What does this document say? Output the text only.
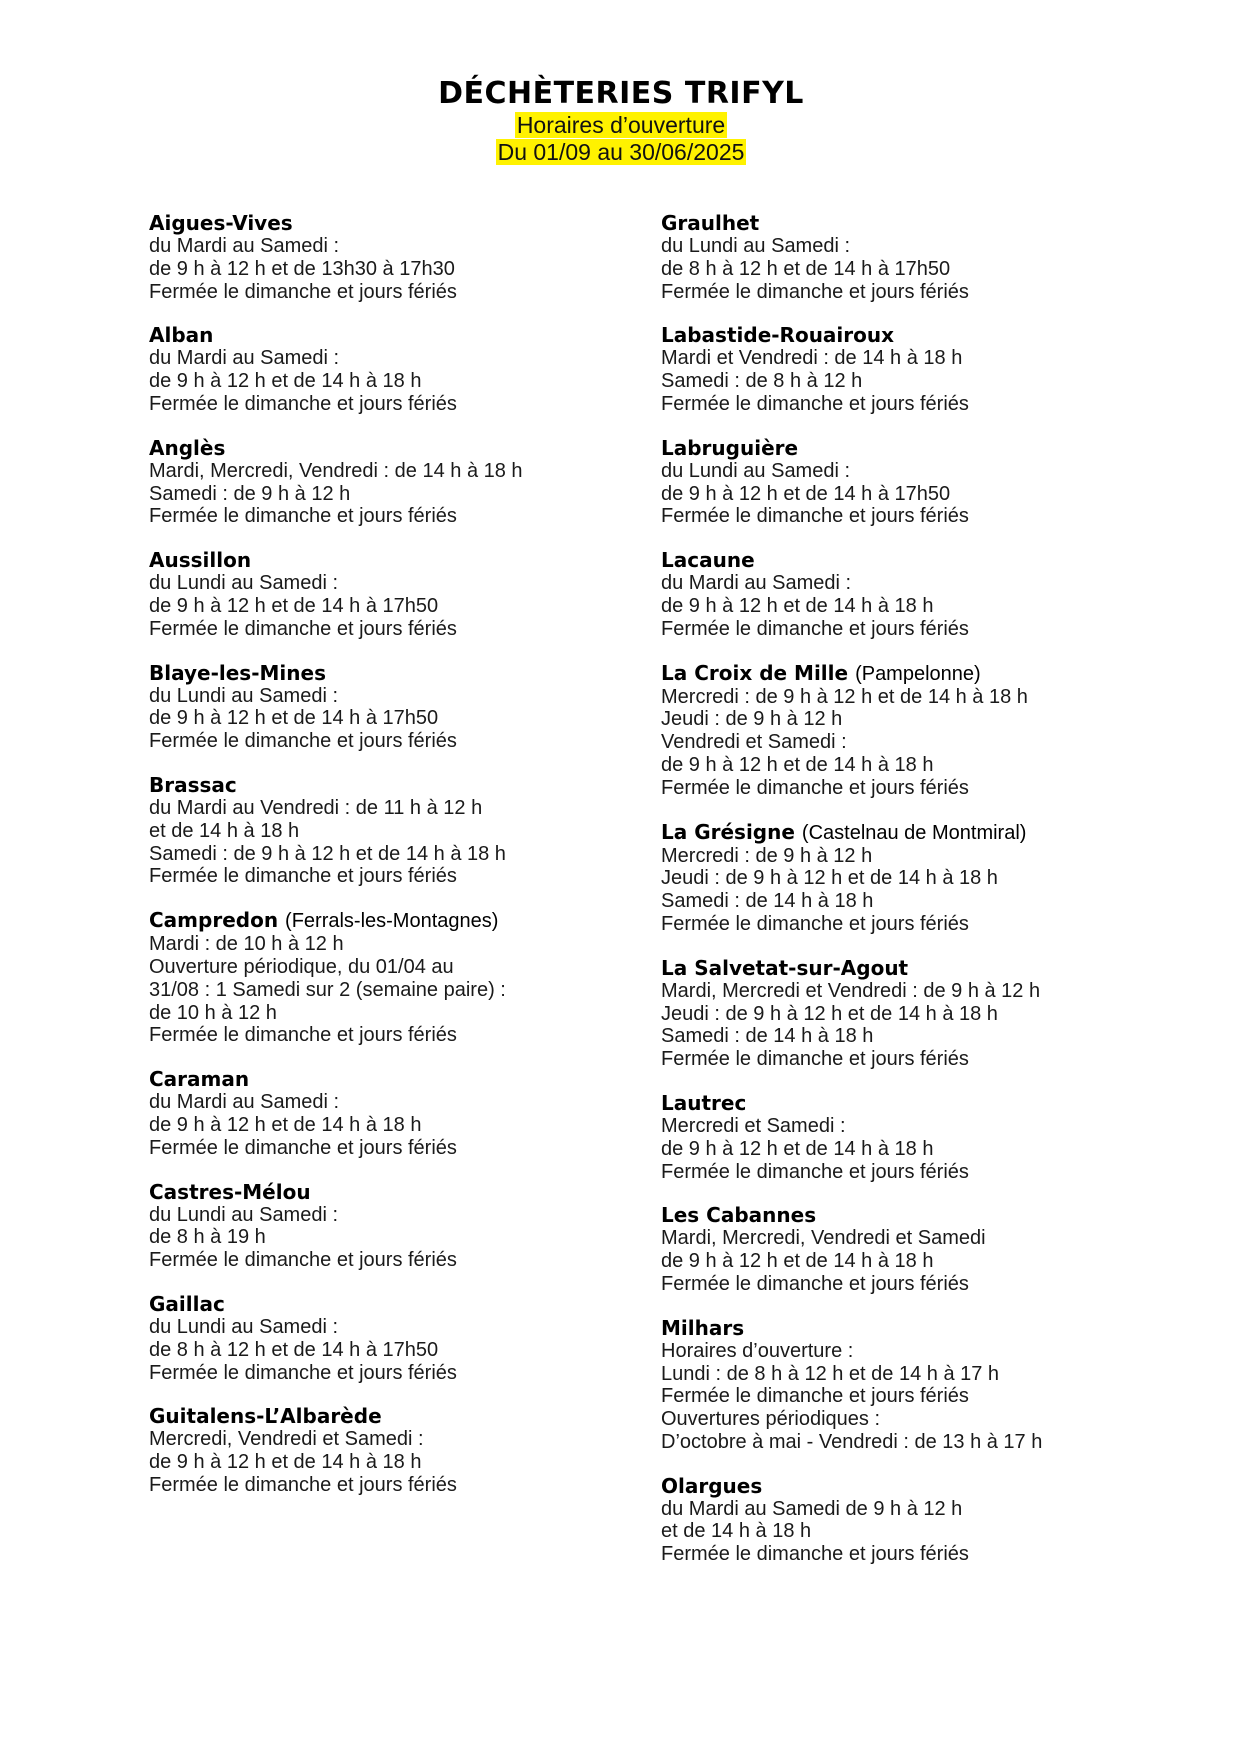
DÉCHÈTERIES TRIFYL
Horaires d’ouverture
Du 01/09 au 30/06/2025
Aigues-Vives
du Mardi au Samedi :
de 9 h à 12 h et de 13h30 à 17h30
Fermée le dimanche et jours fériés
Alban
du Mardi au Samedi :
de 9 h à 12 h et de 14 h à 18 h
Fermée le dimanche et jours fériés
Anglès
Mardi, Mercredi, Vendredi : de 14 h à 18 h
Samedi : de 9 h à 12 h
Fermée le dimanche et jours fériés
Aussillon
du Lundi au Samedi :
de 9 h à 12 h et de 14 h à 17h50
Fermée le dimanche et jours fériés
Blaye-les-Mines
du Lundi au Samedi :
de 9 h à 12 h et de 14 h à 17h50
Fermée le dimanche et jours fériés
Brassac
du Mardi au Vendredi : de 11 h à 12 h
et de 14 h à 18 h
Samedi : de 9 h à 12 h et de 14 h à 18 h
Fermée le dimanche et jours fériés
Campredon (Ferrals-les-Montagnes)
Mardi : de 10 h à 12 h
Ouverture périodique, du 01/04 au
31/08 : 1 Samedi sur 2 (semaine paire) :
de 10 h à 12 h
Fermée le dimanche et jours fériés
Caraman
du Mardi au Samedi :
de 9 h à 12 h et de 14 h à 18 h
Fermée le dimanche et jours fériés
Castres-Mélou
du Lundi au Samedi :
de 8 h à 19 h
Fermée le dimanche et jours fériés
Gaillac
du Lundi au Samedi :
de 8 h à 12 h et de 14 h à 17h50
Fermée le dimanche et jours fériés
Guitalens-L’Albarède
Mercredi, Vendredi et Samedi :
de 9 h à 12 h et de 14 h à 18 h
Fermée le dimanche et jours fériés
Graulhet
du Lundi au Samedi :
de 8 h à 12 h et de 14 h à 17h50
Fermée le dimanche et jours fériés
Labastide-Rouairoux
Mardi et Vendredi : de 14 h à 18 h
Samedi : de 8 h à 12 h
Fermée le dimanche et jours fériés
Labruguière
du Lundi au Samedi :
de 9 h à 12 h et de 14 h à 17h50
Fermée le dimanche et jours fériés
Lacaune
du Mardi au Samedi :
de 9 h à 12 h et de 14 h à 18 h
Fermée le dimanche et jours fériés
La Croix de Mille (Pampelonne)
Mercredi : de 9 h à 12 h et de 14 h à 18 h
Jeudi : de 9 h à 12 h
Vendredi et Samedi :
de 9 h à 12 h et de 14 h à 18 h
Fermée le dimanche et jours fériés
La Grésigne (Castelnau de Montmiral)
Mercredi : de 9 h à 12 h
Jeudi : de 9 h à 12 h et de 14 h à 18 h
Samedi : de 14 h à 18 h
Fermée le dimanche et jours fériés
La Salvetat-sur-Agout
Mardi, Mercredi et Vendredi : de 9 h à 12 h
Jeudi : de 9 h à 12 h et de 14 h à 18 h
Samedi : de 14 h à 18 h
Fermée le dimanche et jours fériés
Lautrec
Mercredi et Samedi :
de 9 h à 12 h et de 14 h à 18 h
Fermée le dimanche et jours fériés
Les Cabannes
Mardi, Mercredi, Vendredi et Samedi
de 9 h à 12 h et de 14 h à 18 h
Fermée le dimanche et jours fériés
Milhars
Horaires d’ouverture :
Lundi : de 8 h à 12 h et de 14 h à 17 h
Fermée le dimanche et jours fériés
Ouvertures périodiques :
D’octobre à mai - Vendredi : de 13 h à 17 h
Olargues
du Mardi au Samedi de 9 h à 12 h
et de 14 h à 18 h
Fermée le dimanche et jours fériés
